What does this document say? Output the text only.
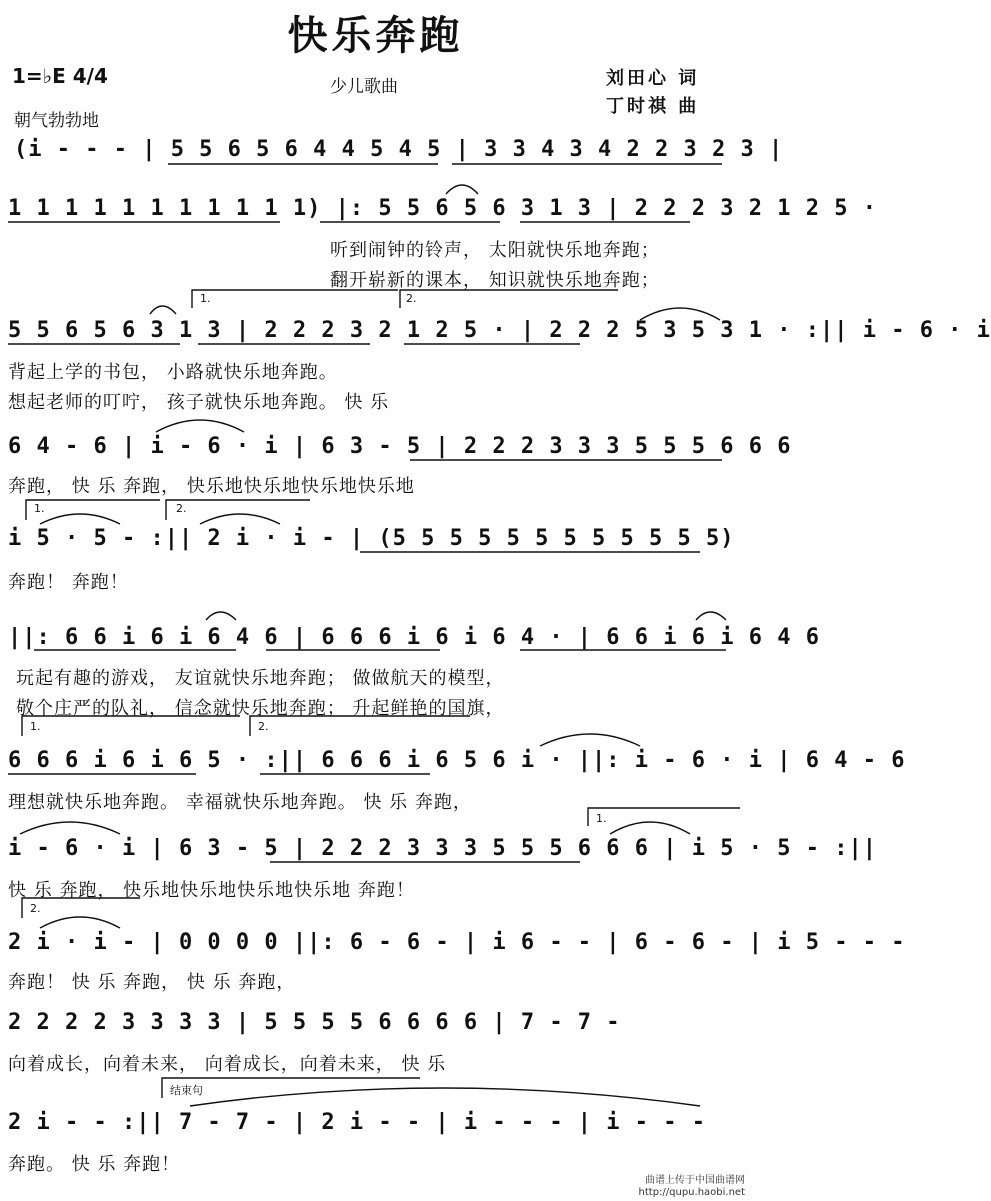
快乐奔跑
1=♭E 4/4	少儿歌曲	刘田心 词
丁时祺 曲
朝气勃勃地
(i - - - | 5 5 6 5 6 4 4 5 4 5 | 3 3 4 3 4 2 2 3 2 3 |
1 1 1 1 1 1 1 1 1 1 1) |: 5 5 6 5 6 3 1 3 | 2 2 2 3 2 1 2 5 ·
听到闹钟的铃声， 太阳就快乐地奔跑；
翻开崭新的课本， 知识就快乐地奔跑；
5 5 6 5 6 3 1 3 | 2 2 2 3 2 1 2 5 · | 2 2 2 5 3 5 3 1 · :|| i - 6 · i
背起上学的书包， 小路就快乐地奔跑。
想起老师的叮咛， 孩子就快乐地奔跑。 快 乐
6 4 - 6 | i - 6 · i | 6 3 - 5 | 2 2 2 3 3 3 5 5 5 6 6 6
奔跑， 快 乐 奔跑， 快乐地快乐地快乐地快乐地
i 5 · 5 - :|| 2 i · i - | (5 5 5 5 5 5 5 5 5 5 5 5)
奔跑！ 奔跑！
||: 6 6 i 6 i 6 4 6 | 6 6 6 i 6 i 6 4 · | 6 6 i 6 i 6 4 6
玩起有趣的游戏， 友谊就快乐地奔跑； 做做航天的模型，
敬个庄严的队礼， 信念就快乐地奔跑； 升起鲜艳的国旗，
6 6 6 i 6 i 6 5 · :|| 6 6 6 i 6 5 6 i · ||: i - 6 · i | 6 4 - 6
理想就快乐地奔跑。 幸福就快乐地奔跑。 快 乐 奔跑，
i - 6 · i | 6 3 - 5 | 2 2 2 3 3 3 5 5 5 6 6 6 | i 5 · 5 - :||
快 乐 奔跑， 快乐地快乐地快乐地快乐地 奔跑！
2 i · i - | 0 0 0 0 ||: 6 - 6 - | i 6 - - | 6 - 6 - | i 5 - - -
奔跑！ 快 乐 奔跑， 快 乐 奔跑，
2 2 2 2 3 3 3 3 | 5 5 5 5 6 6 6 6 | 7 - 7 -
向着成长，向着未来， 向着成长，向着未来， 快 乐
2 i - - :|| 7 - 7 - | 2 i - - | i - - - | i - - -
奔跑。 快 乐 奔跑！
1.	2.
1.	2.
1.	2.
1.
2.
结束句
曲谱上传于中国曲谱网
http://qupu.haobi.net
